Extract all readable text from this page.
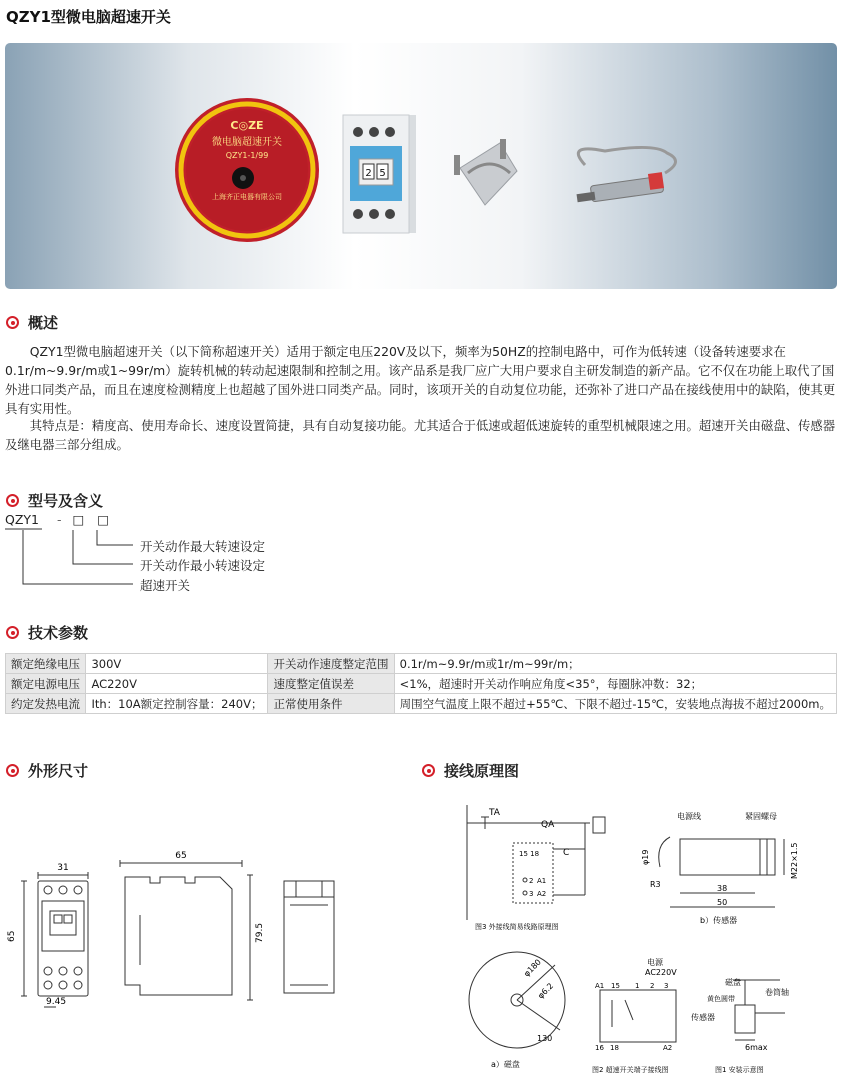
QZY1型微电脑超速开关
C◎ZE
微电脑超速开关
QZY1-1/99
上海齐正电器有限公司
2 5
概述

QZY1型微电脑超速开关（以下简称超速开关）适用于额定电压220V及以下，频率为50HZ的控制电路中，可作为低转速（设备转速要求在0.1r/m~9.9r/m或1~99r/m）旋转机械的转动起速限制和控制之用。该产品系是我厂应广大用户要求自主研发制造的新产品。它不仅在功能上取代了国外进口同类产品，而且在速度检测精度上也超越了国外进口同类产品。同时，该项开关的自动复位功能，还弥补了进口产品在接线使用中的缺陷，使其更具有实用性。

其特点是：精度高、使用寿命长、速度设置简捷，具有自动复接功能。尤其适合于低速或超低速旋转的重型机械限速之用。超速开关由磁盘、传感器及继电器三部分组成。

型号及含义
QZY1 - □ □
开关动作最大转速设定
开关动作最小转速设定
超速开关
技术参数
额定绝缘电压	300V	开关动作速度整定范围	0.1r/m~9.9r/m或1r/m~99r/m；
额定电源电压	AC220V	速度整定值误差	<1%，超速时开关动作响应角度<35°，每圈脉冲数：32；
约定发热电流	Ith：10A额定控制容量：240V；	正常使用条件	周围空气温度上限不超过+55℃、下限不超过-15℃，安装地点海拔不超过2000m。
外形尺寸
31
65
65	79.5
9.45
接线原理图
TA
QA
C
15 18
2 A1
3 A2
图3 外接线简易线路原理图
电源线	紧固螺母
φ19	M22×1.5
R3	38
50
b）传感器
φ180
φ6.2
130
a）磁盘
电源
AC220V
A1 15 1 2 3
16 18	A2
图2 超速开关端子接线图
磁盘
黄色圆带
卷筒轴
传感器
6max
图1 安装示意图
